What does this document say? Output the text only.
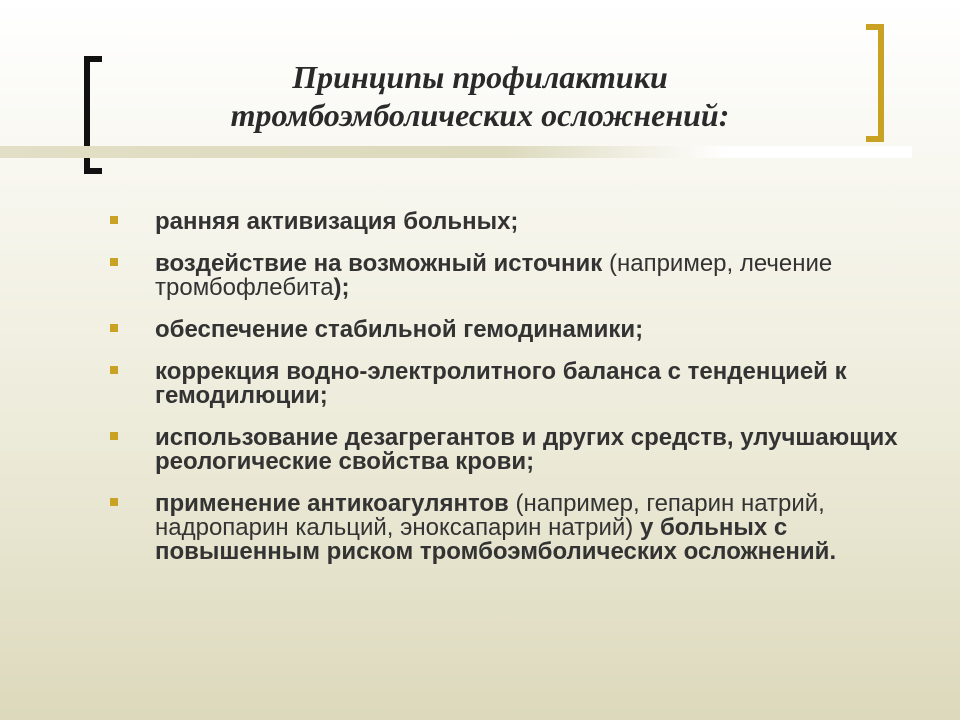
Принципы профилактики
тромбоэмболических осложнений:
ранняя активизация больных;
воздействие на возможный источник (например, лечение тромбофлебита);
обеспечение стабильной гемодинамики;
коррекция водно-электролитного баланса с тенденцией к гемодилюции;
использование дезагрегантов и других средств, улучшающих реологические свойства крови;
применение антикоагулянтов (например, гепарин натрий, надропарин кальций, эноксапарин натрий) у больных с повышенным риском тромбоэмболических осложнений.
